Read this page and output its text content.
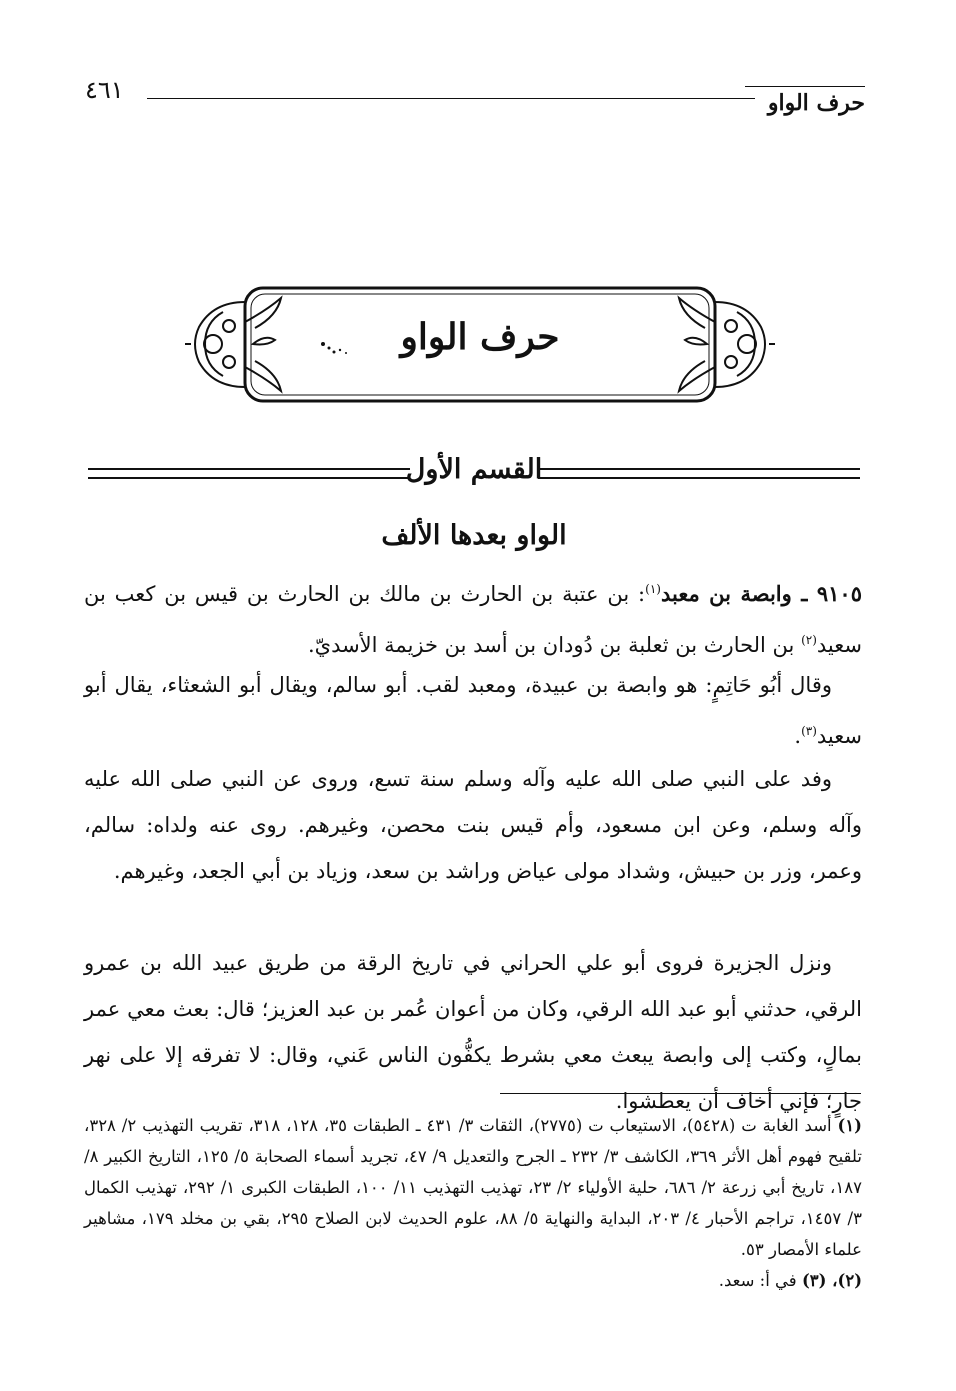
حرف الواو
٤٦١
حرف الواو
القسم الأول
الواو بعدها الألف

٩١٠٥ ـ وابصة بن معبد$^{(١)}$: بن عتبة بن الحارث بن مالك بن الحارث بن قيس بن كعب بن سعيد$^{(٢)}$ بن الحارث بن ثعلبة بن دُودان بن أسد بن خزيمة الأسديّ.

وقال أبُو حَاتِمٍ: هو وابصة بن عبيدة، ومعبد لقب. أبو سالم، ويقال أبو الشعثاء، يقال أبو سعيد$^{(٣)}$.

وفد على النبي صلى الله عليه وآله وسلم سنة تسع، وروى عن النبي صلى الله عليه وآله وسلم، وعن ابن مسعود، وأم قيس بنت محصن، وغيرهم. روى عنه ولداه: سالم، وعمر، وزر بن حبيش، وشداد مولى عياض وراشد بن سعد، وزياد بن أبي الجعد، وغيرهم.

ونزل الجزيرة فروى أبو علي الحراني في تاريخ الرقة من طريق عبيد الله بن عمرو الرقي، حدثني أبو عبد الله الرقي، وكان من أعوان عُمر بن عبد العزيز؛ قال: بعث معي عمر بمالٍ، وكتب إلى وابصة يبعث معي بشرط يكفُّون الناس عَني، وقال: لا تفرقه إلا على نهر جارٍ؛ فإني أخاف أن يعطشوا.

(١) أسد الغابة ت (٥٤٢٨)، الاستيعاب ت (٢٧٧٥)، الثقات ٣/ ٤٣١ ـ الطبقات ٣٥، ١٢٨، ٣١٨، تقريب التهذيب ٢/ ٣٢٨، تلقيح فهوم أهل الأثر ٣٦٩، الكاشف ٣/ ٢٣٢ ـ الجرح والتعديل ٩/ ٤٧، تجريد أسماء الصحابة ٥/ ١٢٥، التاريخ الكبير ٨/ ١٨٧، تاريخ أبي زرعة ٢/ ٦٨٦، حلية الأولياء ٢/ ٢٣، تهذيب التهذيب ١١/ ١٠٠، الطبقات الكبرى ١/ ٢٩٢، تهذيب الكمال ٣/ ١٤٥٧، تراجم الأحبار ٤/ ٢٠٣، البداية والنهاية ٥/ ٨٨، علوم الحديث لابن الصلاح ٢٩٥، بقي بن مخلد ١٧٩، مشاهير علماء الأمصار ٥٣.

(٢)، (٣) في أ: سعد.
